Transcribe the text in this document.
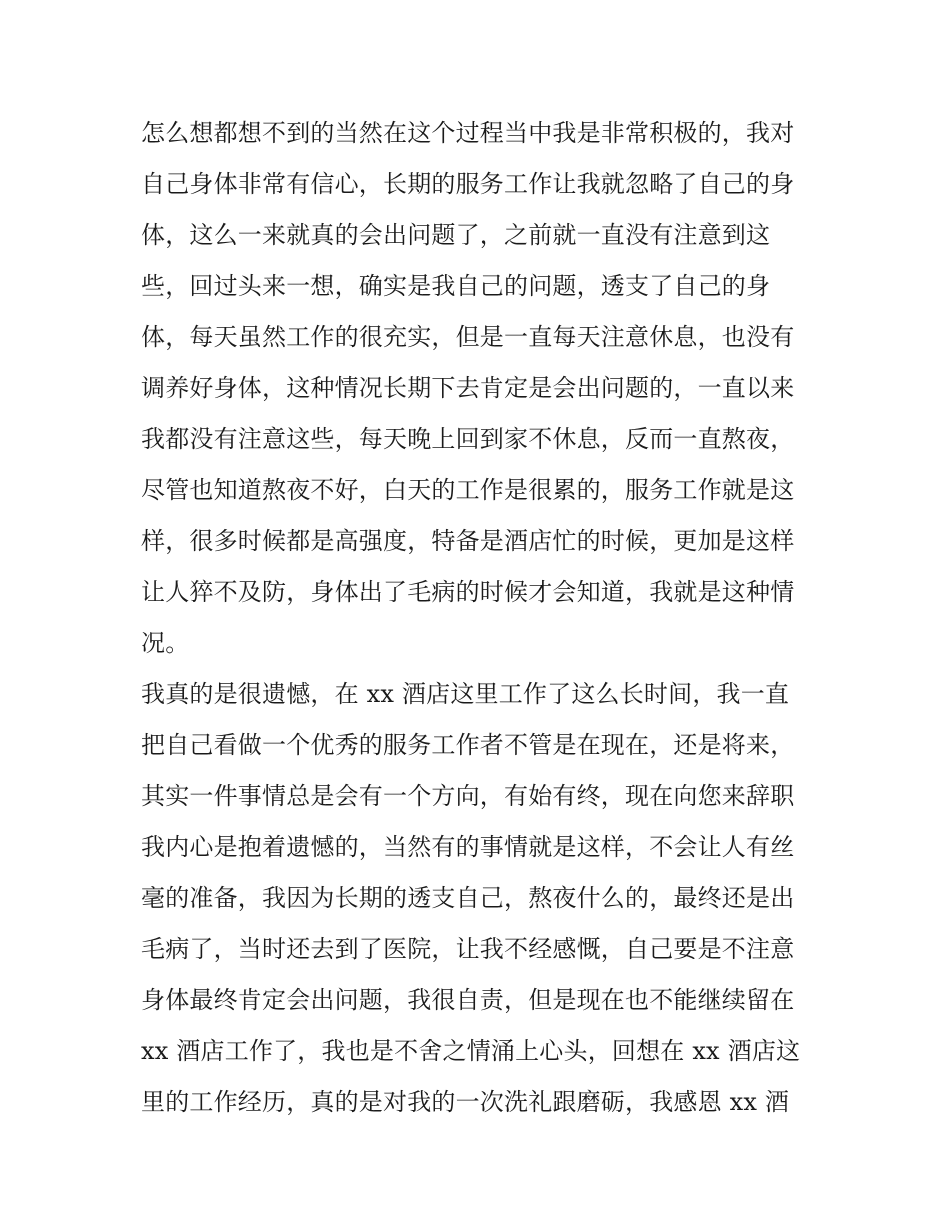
怎么想都想不到的当然在这个过程当中我是非常积极的，我对
自己身体非常有信心，长期的服务工作让我就忽略了自己的身
体，这么一来就真的会出问题了，之前就一直没有注意到这
些，回过头来一想，确实是我自己的问题，透支了自己的身
体，每天虽然工作的很充实，但是一直每天注意休息，也没有
调养好身体，这种情况长期下去肯定是会出问题的，一直以来
我都没有注意这些，每天晚上回到家不休息，反而一直熬夜，
尽管也知道熬夜不好，白天的工作是很累的，服务工作就是这
样，很多时候都是高强度，特备是酒店忙的时候，更加是这样
让人猝不及防，身体出了毛病的时候才会知道，我就是这种情
况。
我真的是很遗憾，在 xx 酒店这里工作了这么长时间，我一直
把自己看做一个优秀的服务工作者不管是在现在，还是将来，
其实一件事情总是会有一个方向，有始有终，现在向您来辞职
我内心是抱着遗憾的，当然有的事情就是这样，不会让人有丝
毫的准备，我因为长期的透支自己，熬夜什么的，最终还是出
毛病了，当时还去到了医院，让我不经感慨，自己要是不注意
身体最终肯定会出问题，我很自责，但是现在也不能继续留在
xx 酒店工作了，我也是不舍之情涌上心头，回想在 xx 酒店这
里的工作经历，真的是对我的一次洗礼跟磨砺，我感恩 xx 酒
